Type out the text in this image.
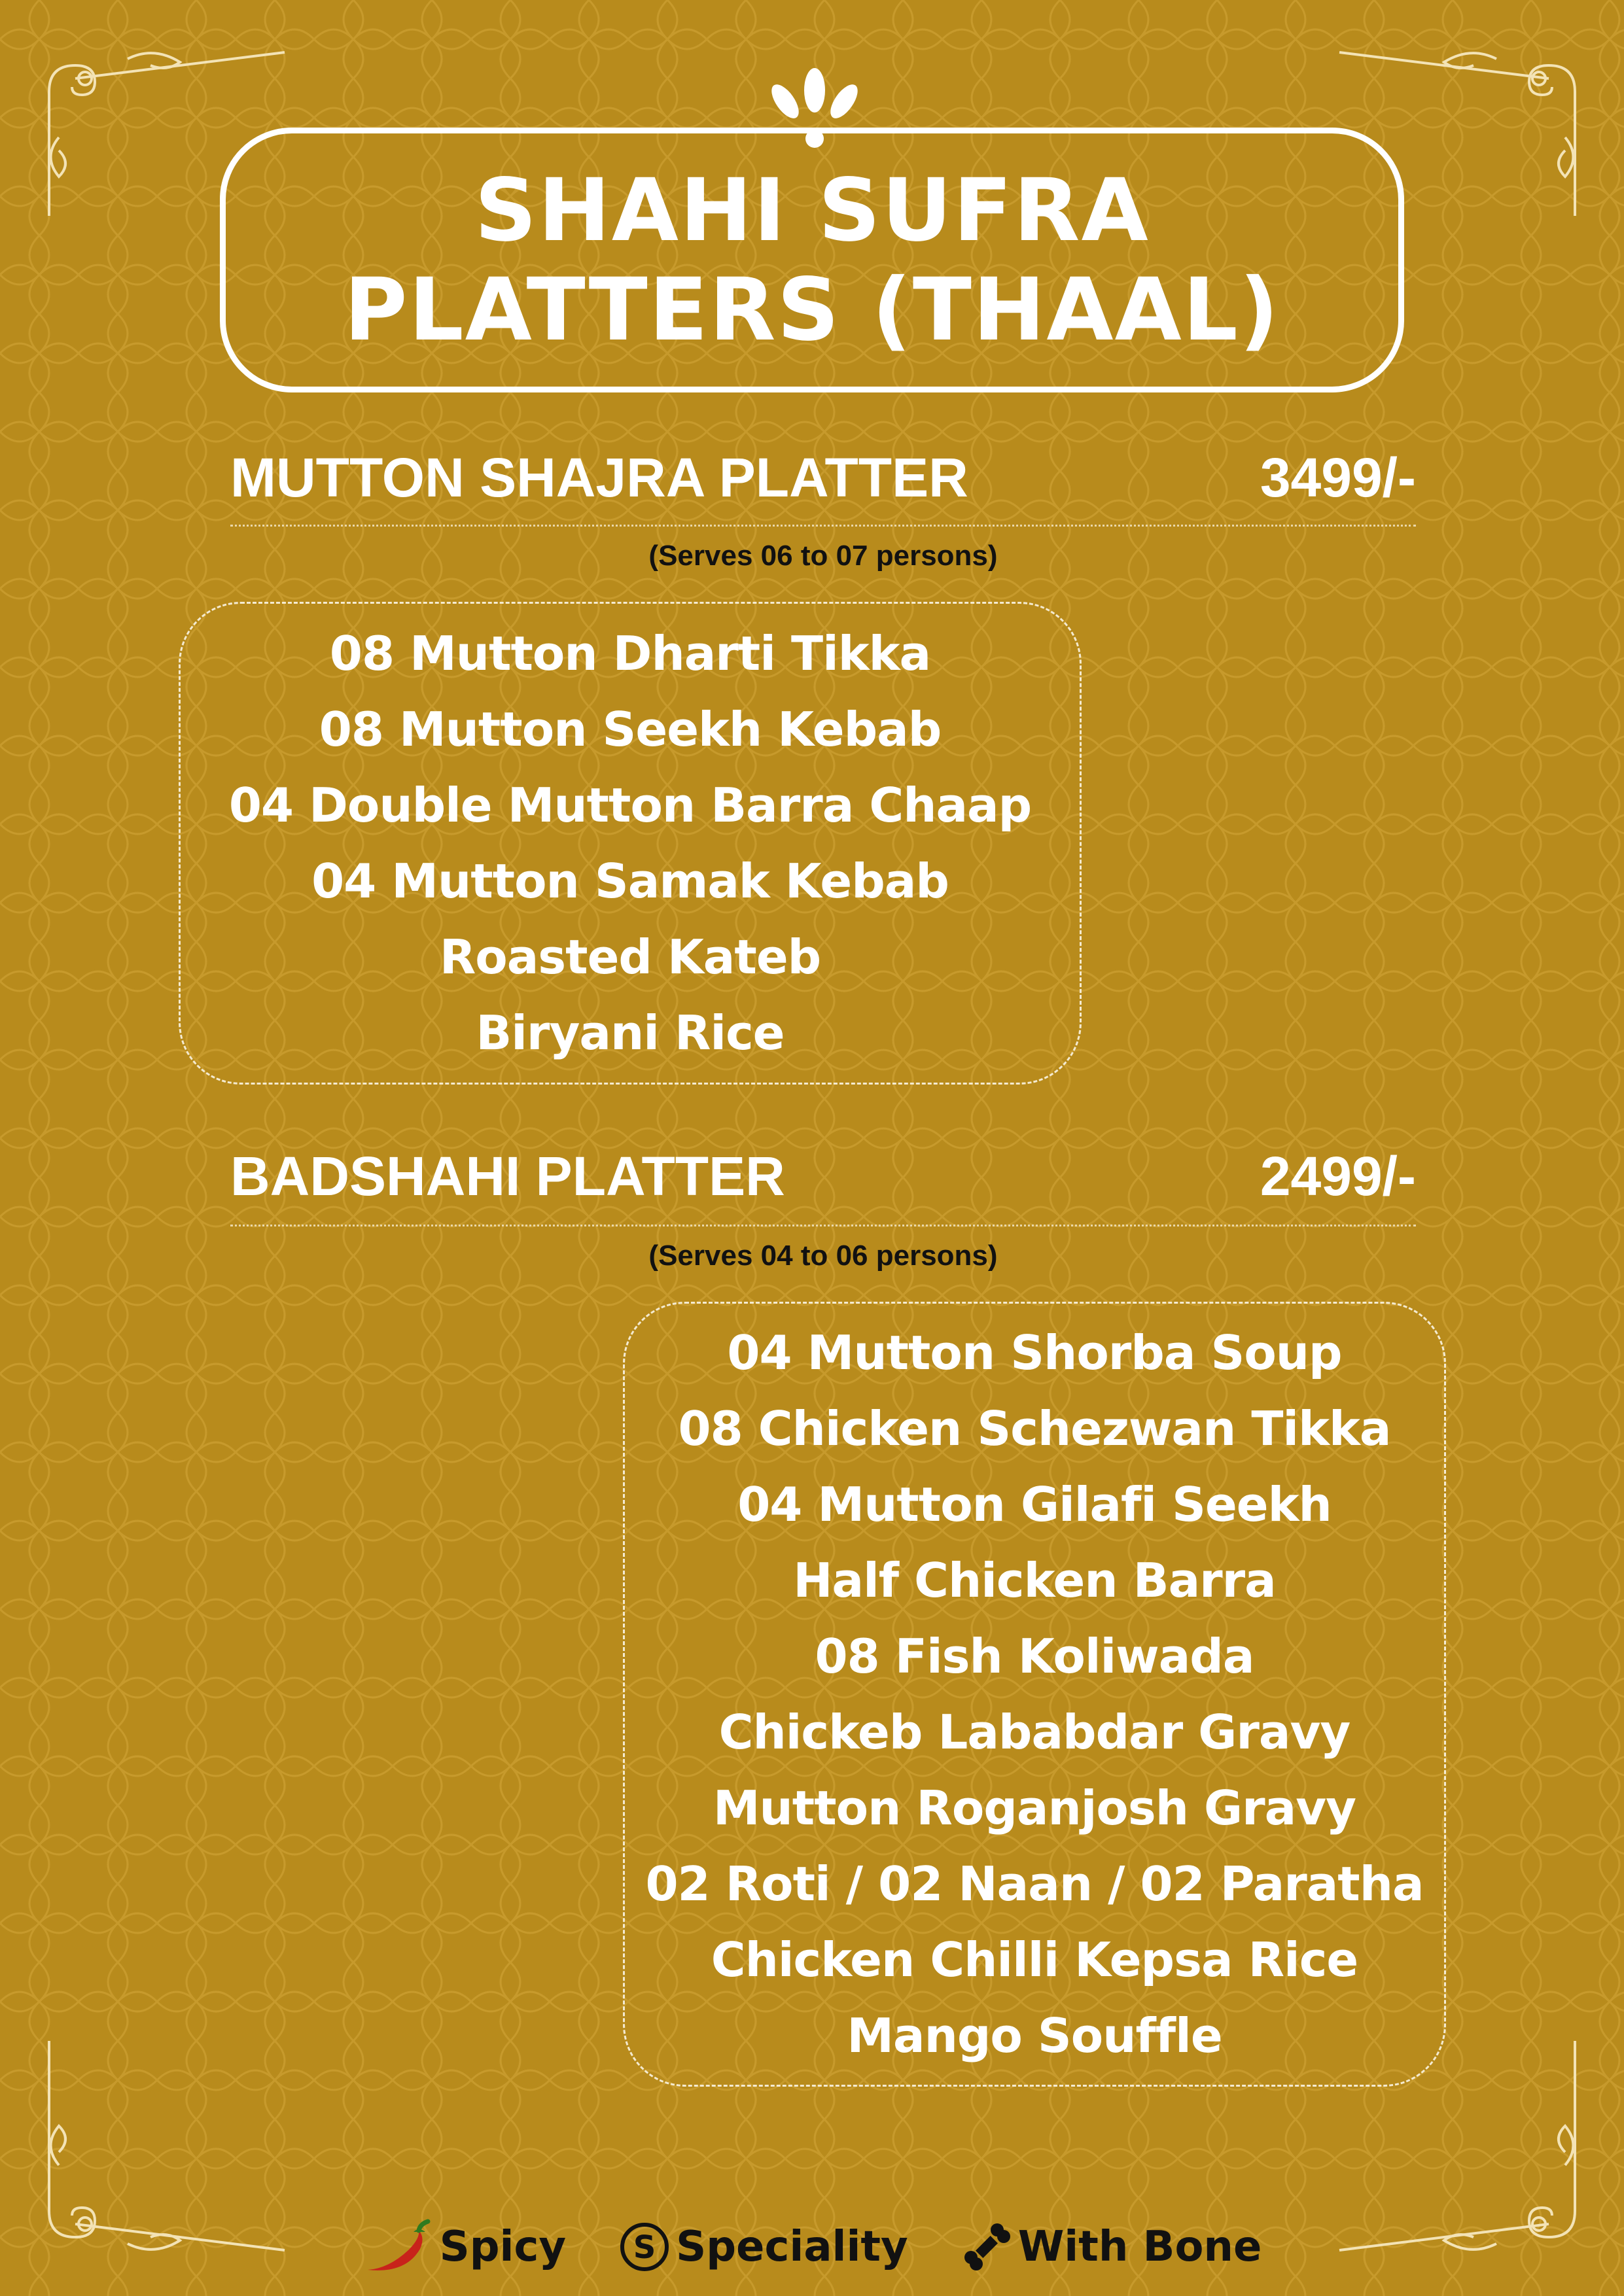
SHAHI SUFRA
PLATTERS (THAAL)
MUTTON SHAJRA PLATTER	3499/-
(Serves 06 to 07 persons)
08 Mutton Dharti Tikka
08 Mutton Seekh Kebab
04 Double Mutton Barra Chaap
04 Mutton Samak Kebab
Roasted Kateb
Biryani Rice
BADSHAHI PLATTER	2499/-
(Serves 04 to 06 persons)
04 Mutton Shorba Soup
08 Chicken Schezwan Tikka
04 Mutton Gilafi Seekh
Half Chicken Barra
08 Fish Koliwada
Chickeb Lababdar Gravy
Mutton Roganjosh Gravy
02 Roti / 02 Naan / 02 Paratha
Chicken Chilli Kepsa Rice
Mango Souffle
Spicy S Speciality	With Bone
